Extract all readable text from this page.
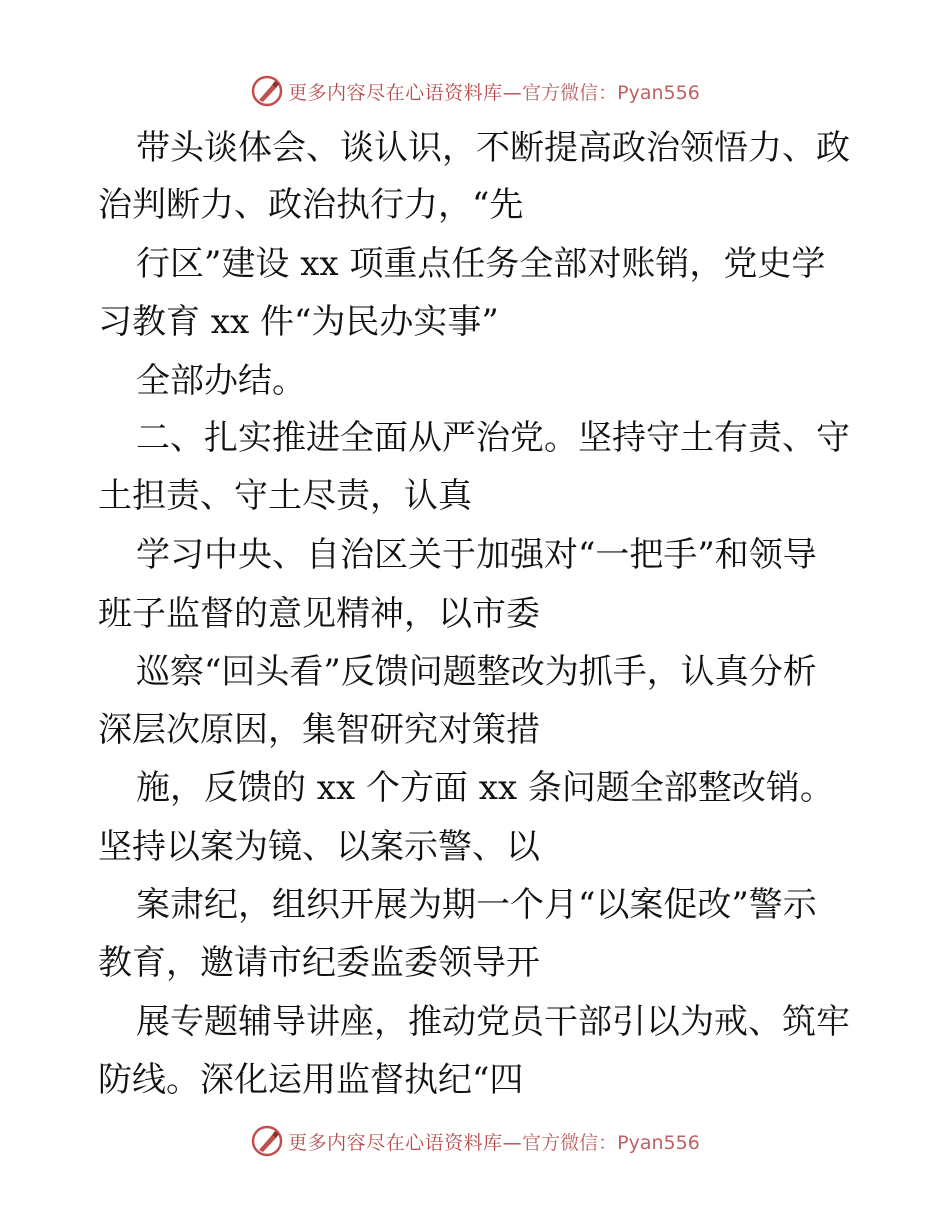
更多内容尽在心语资料库— 官方微信：Pyan556
带头谈体会、谈认识，不断提高政治领悟力、政
治判断力、政治执行力，“先
行区”建设 xx 项重点任务全部对账销，党史学
习教育 xx 件“为民办实事”
全部办结。
二、扎实推进全面从严治党。坚持守土有责、守
土担责、守土尽责，认真
学习中央、自治区关于加强对“一把手”和领导
班子监督的意见精神，以市委
巡察“回头看”反馈问题整改为抓手，认真分析
深层次原因，集智研究对策措
施，反馈的 xx 个方面 xx 条问题全部整改销。
坚持以案为镜、以案示警、以
案肃纪，组织开展为期一个月“以案促改”警示
教育，邀请市纪委监委领导开
展专题辅导讲座，推动党员干部引以为戒、筑牢
防线。深化运用监督执纪“四
更多内容尽在心语资料库— 官方微信：Pyan556
